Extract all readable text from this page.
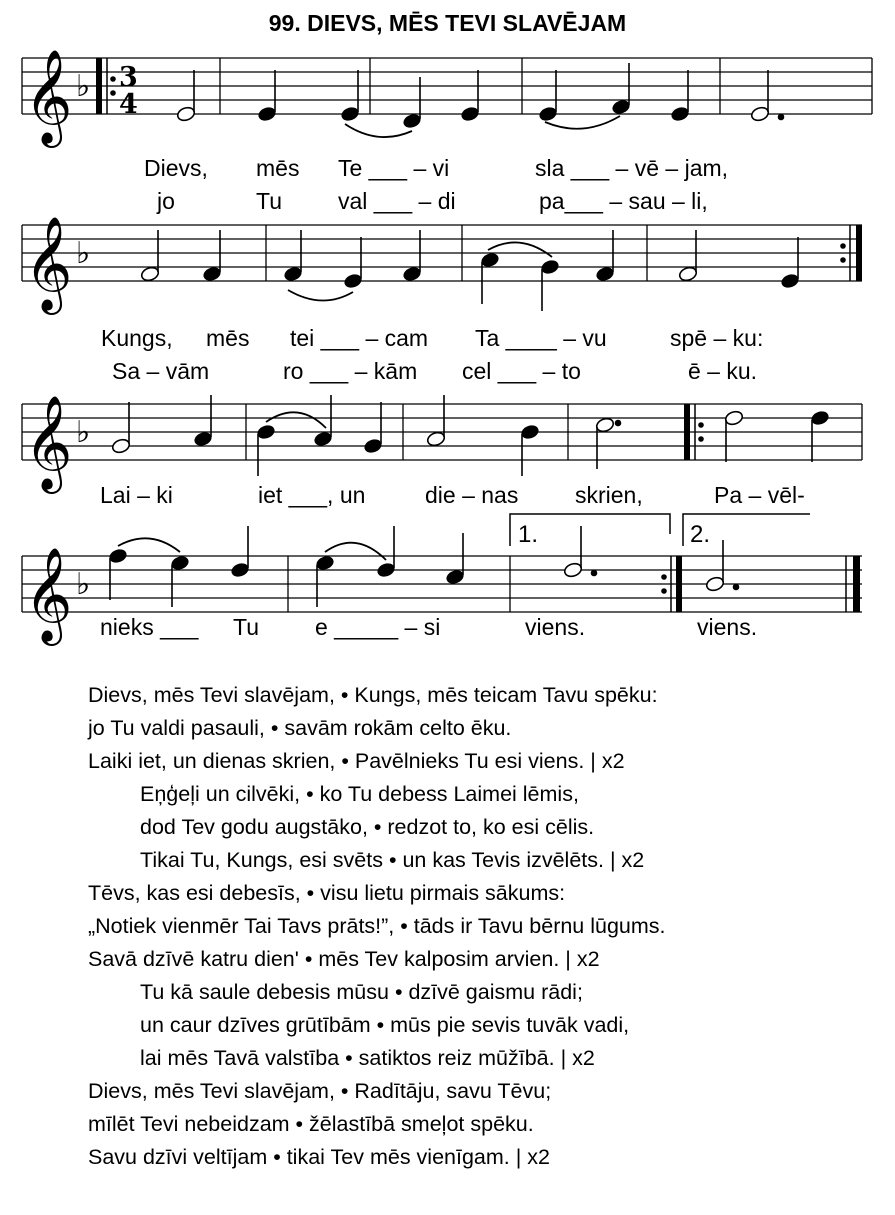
99. DIEVS, MĒS TEVI SLAVĒJAM
𝄞 ♭ 3
4
Dievs, mēs Te ___ – vi	sla ___ – vē – jam,
jo	Tu val ___ – di	pa___ – sau – li,
𝄞 ♭
Kungs, mēs tei ___ – cam Ta ____ – vu	spē – ku:
Sa – vām	ro ___ – kām cel ___ – to	ē – ku.
𝄞 ♭
Lai – ki	iet ___, un	die – nas skrien,	Pa – vēl-
𝄞 ♭
1.	2.
nieks ___ Tu e _____ – si	viens.	viens.
Dievs, mēs Tevi slavējam, • Kungs, mēs teicam Tavu spēku:
jo Tu valdi pasauli, • savām rokām celto ēku.
Laiki iet, un dienas skrien, • Pavēlnieks Tu esi viens. | x2
Eņģeļi un cilvēki, • ko Tu debess Laimei lēmis,
dod Tev godu augstāko, • redzot to, ko esi cēlis.
Tikai Tu, Kungs, esi svēts • un kas Tevis izvēlēts. | x2
Tēvs, kas esi debesīs, • visu lietu pirmais sākums:
„Notiek vienmēr Tai Tavs prāts!”, • tāds ir Tavu bērnu lūgums.
Savā dzīvē katru dien' • mēs Tev kalposim arvien. | x2
Tu kā saule debesis mūsu • dzīvē gaismu rādi;
un caur dzīves grūtībām • mūs pie sevis tuvāk vadi,
lai mēs Tavā valstība • satiktos reiz mūžībā. | x2
Dievs, mēs Tevi slavējam, • Radītāju, savu Tēvu;
mīlēt Tevi nebeidzam • žēlastībā smeļot spēku.
Savu dzīvi veltījam • tikai Tev mēs vienīgam. | x2
